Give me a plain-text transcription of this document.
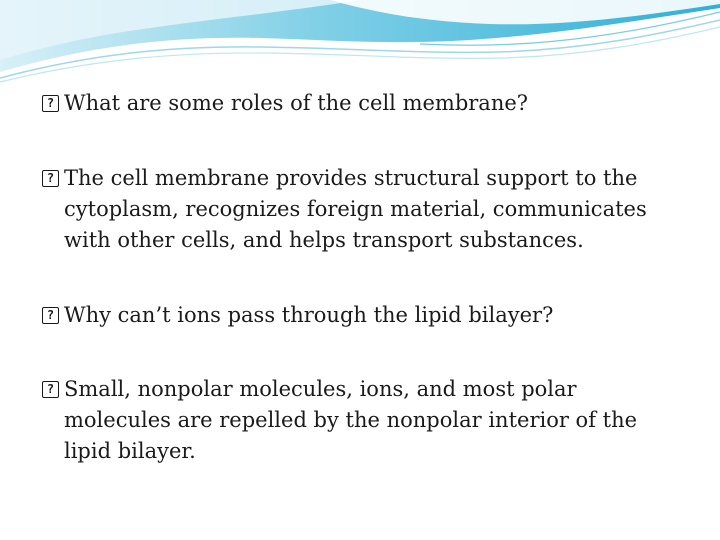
? What are some roles of the cell membrane?
? The cell membrane provides structural support to the
cytoplasm, recognizes foreign material, communicates
with other cells, and helps transport substances.
? Why can’t ions pass through the lipid bilayer?
? Small, nonpolar molecules, ions, and most polar
molecules are repelled by the nonpolar interior of the
lipid bilayer.
